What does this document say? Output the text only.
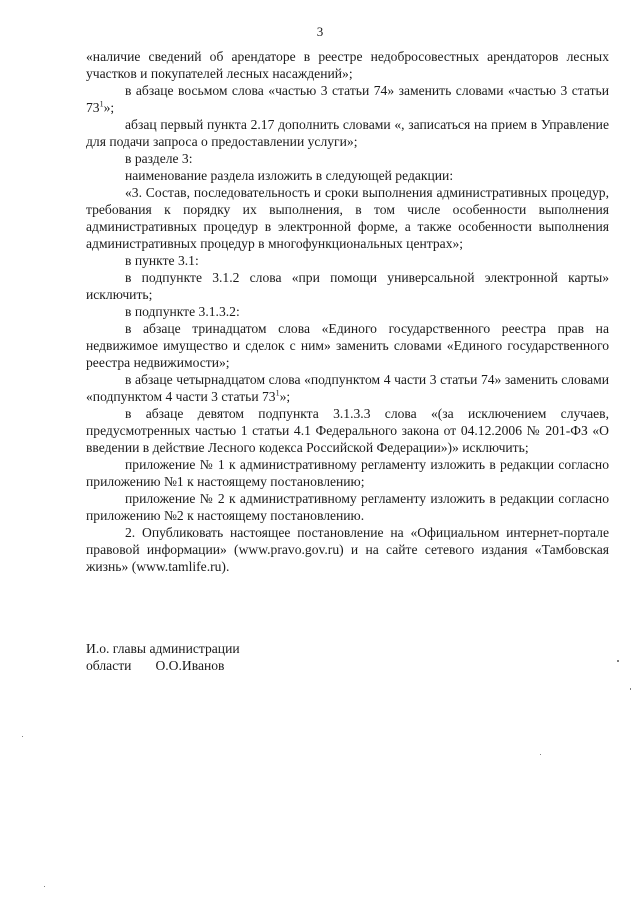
3

«наличие сведений об арендаторе в реестре недобросовестных арендаторов лесных участков и покупателей лесных насаждений»;

в абзаце восьмом слова «частью 3 статьи 74» заменить словами «частью 3 статьи $73^1$»;

абзац первый пункта 2.17 дополнить словами «, записаться на прием в Управление для подачи запроса о предоставлении услуги»;

в разделе 3:

наименование раздела изложить в следующей редакции:

«3. Состав, последовательность и сроки выполнения административных процедур, требования к порядку их выполнения, в том числе особенности выполнения административных процедур в электронной форме, а также особенности выполнения административных процедур в многофункциональных центрах»;

в пункте 3.1:

в подпункте 3.1.2 слова «при помощи универсальной электронной карты» исключить;

в подпункте 3.1.3.2:

в абзаце тринадцатом слова «Единого государственного реестра прав на недвижимое имущество и сделок с ним» заменить словами «Единого государственного реестра недвижимости»;

в абзаце четырнадцатом слова «подпунктом 4 части 3 статьи 74» заменить словами «подпунктом 4 части 3 статьи $73^1$»;

в абзаце девятом подпункта 3.1.3.3 слова «(за исключением случаев, предусмотренных частью 1 статьи 4.1 Федерального закона от 04.12.2006 № 201-ФЗ «О введении в действие Лесного кодекса Российской Федерации»)» исключить;

приложение № 1 к административному регламенту изложить в редакции согласно приложению №1 к настоящему постановлению;

приложение № 2 к административному регламенту изложить в редакции согласно приложению №2 к настоящему постановлению.

2. Опубликовать настоящее постановление на «Официальном интернет-портале правовой информации» (www.pravo.gov.ru) и на сайте сетевого издания «Тамбовская жизнь» (www.tamlife.ru).

И.о. главы администрации

области О.О.Иванов
